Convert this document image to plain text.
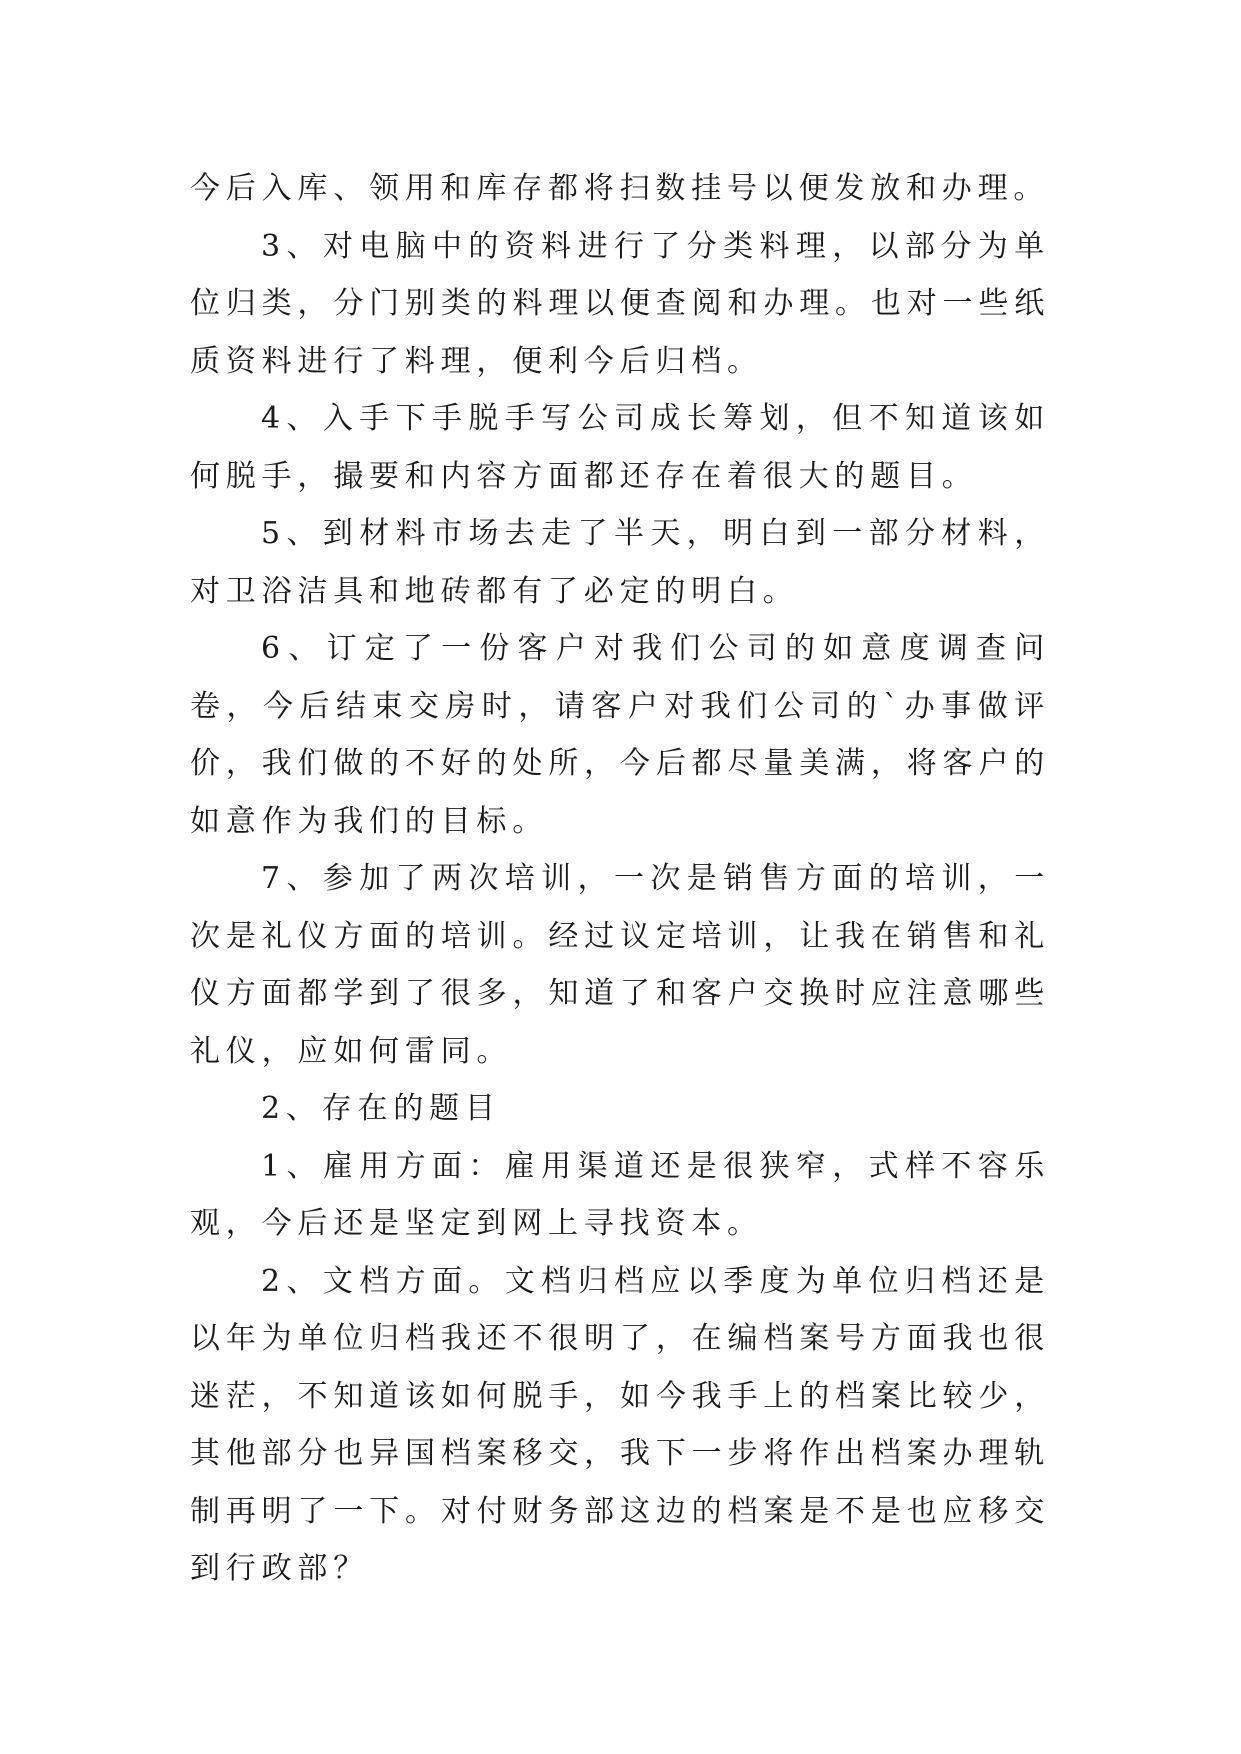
今后入库、领用和库存都将扫数挂号以便发放和办理。

3、对电脑中的资料进行了分类料理，以部分为单位归类，分门别类的料理以便查阅和办理。也对一些纸质资料进行了料理，便利今后归档。

4、入手下手脱手写公司成长筹划，但不知道该如何脱手，撮要和内容方面都还存在着很大的题目。

5、到材料市场去走了半天，明白到一部分材料，对卫浴洁具和地砖都有了必定的明白。

6、订定了一份客户对我们公司的如意度调查问卷，今后结束交房时，请客户对我们公司的`办事做评价，我们做的不好的处所，今后都尽量美满，将客户的如意作为我们的目标。

7、参加了两次培训，一次是销售方面的培训，一次是礼仪方面的培训。经过议定培训，让我在销售和礼仪方面都学到了很多，知道了和客户交换时应注意哪些礼仪，应如何雷同。

2、存在的题目

1、雇用方面：雇用渠道还是很狭窄，式样不容乐观，今后还是坚定到网上寻找资本。

2、文档方面。文档归档应以季度为单位归档还是以年为单位归档我还不很明了，在编档案号方面我也很迷茫，不知道该如何脱手，如今我手上的档案比较少，其他部分也异国档案移交，我下一步将作出档案办理轨制再明了一下。对付财务部这边的档案是不是也应移交到行政部？
